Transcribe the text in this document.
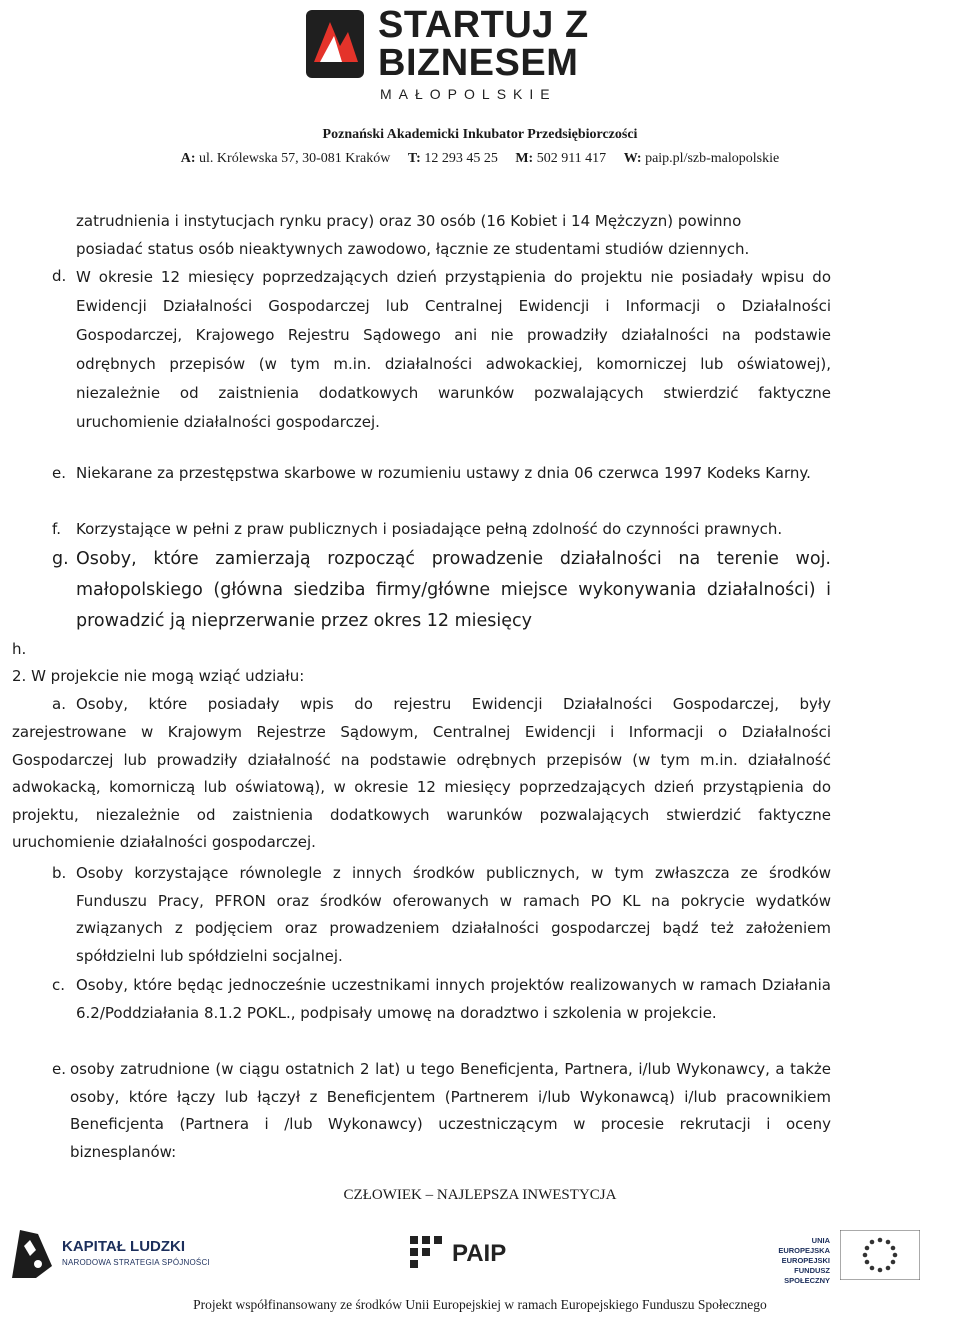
STARTUJ Z
BIZNESEM
MAŁOPOLSKIE
Poznański Akademicki Inkubator Przedsiębiorczości
A: ul. Królewska 57, 30-081 Kraków T: 12 293 45 25 M: 502 911 417 W: paip.pl/szb-malopolskie
zatrudnienia i instytucjach rynku pracy) oraz 30 osób (16 Kobiet i 14 Mężczyzn) powinno
posiadać status osób nieaktywnych zawodowo, łącznie ze studentami studiów dziennych.
d. W okresie 12 miesięcy poprzedzających dzień przystąpienia do projektu nie posiadały wpisu do Ewidencji Działalności Gospodarczej lub Centralnej Ewidencji i Informacji o Działalności Gospodarczej, Krajowego Rejestru Sądowego ani nie prowadziły działalności na podstawie odrębnych przepisów (w tym m.in. działalności adwokackiej, komorniczej lub oświatowej), niezależnie od zaistnienia dodatkowych warunków pozwalających stwierdzić faktyczne uruchomienie działalności gospodarczej.
e. Niekarane za przestępstwa skarbowe w rozumieniu ustawy z dnia 06 czerwca 1997 Kodeks Karny.
f. Korzystające w pełni z praw publicznych i posiadające pełną zdolność do czynności prawnych.
g. Osoby, które zamierzają rozpocząć prowadzenie działalności na terenie woj. małopolskiego (główna siedziba firmy/główne miejsce wykonywania działalności) i prowadzić ją nieprzerwanie przez okres 12 miesięcy
h.
2. W projekcie nie mogą wziąć udziału:
a. Osoby, które posiadały wpis do rejestru Ewidencji Działalności Gospodarczej, były
zarejestrowane w Krajowym Rejestrze Sądowym, Centralnej Ewidencji i Informacji o Działalności Gospodarczej lub prowadziły działalność na podstawie odrębnych przepisów (w tym m.in. działalność adwokacką, komorniczą lub oświatową), w okresie 12 miesięcy poprzedzających dzień przystąpienia do projektu, niezależnie od zaistnienia dodatkowych warunków pozwalających stwierdzić faktyczne uruchomienie działalności gospodarczej.
b. Osoby korzystające równolegle z innych środków publicznych, w tym zwłaszcza ze środków Funduszu Pracy, PFRON oraz środków oferowanych w ramach PO KL na pokrycie wydatków związanych z podjęciem oraz prowadzeniem działalności gospodarczej bądź też założeniem spółdzielni lub spółdzielni socjalnej.
c. Osoby, które będąc jednocześnie uczestnikami innych projektów realizowanych w ramach Działania 6.2/Poddziałania 8.1.2 POKL., podpisały umowę na doradztwo i szkolenia w projekcie.
e. osoby zatrudnione (w ciągu ostatnich 2 lat) u tego Beneficjenta, Partnera, i/lub Wykonawcy, a także osoby, które łączy lub łączył z Beneficjentem (Partnerem i/lub Wykonawcą) i/lub pracownikiem Beneficjenta (Partnera i /lub Wykonawcy) uczestniczącym w procesie rekrutacji i oceny biznesplanów:
CZŁOWIEK – NAJLEPSZA INWESTYCJA
KAPITAŁ LUDZKI
NARODOWA STRATEGIA SPÓJNOŚCI	PAIP	UNIA EUROPEJSKA EUROPEJSKI FUNDUSZ SPOŁECZNY
Projekt współfinansowany ze środków Unii Europejskiej w ramach Europejskiego Funduszu Społecznego
